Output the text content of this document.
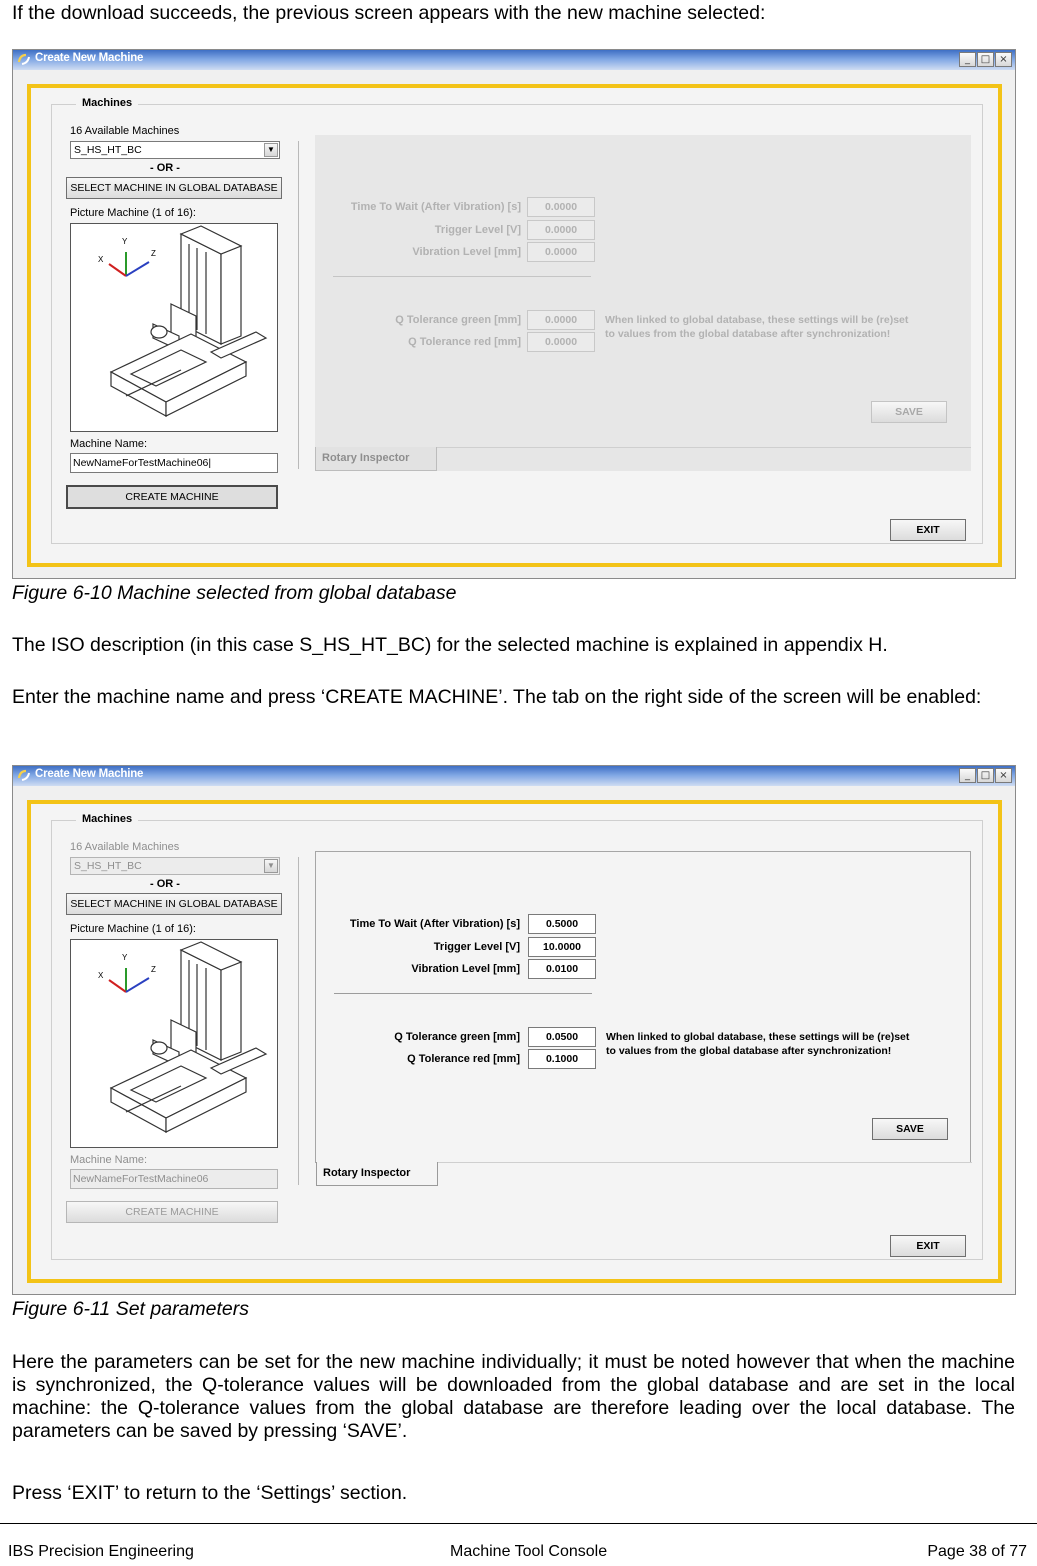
If the download succeeds, the previous screen appears with the new machine selected:
Create New Machine	_	□ ×
Machines
16 Available Machines
S_HS_HT_BC	▼
- OR -
SELECT MACHINE IN GLOBAL DATABASE
Picture Machine (1 of 16):
Y
X
Z
Machine Name:
NewNameForTestMachine06|
CREATE MACHINE
Time To Wait (After Vibration) [s]	0.0000
Trigger Level [V]	0.0000
Vibration Level [mm]	0.0000
Q Tolerance green [mm]	0.0000
Q Tolerance red [mm]	0.0000
When linked to global database, these settings will be (re)set
to values from the global database after synchronization!
SAVE
Rotary Inspector
EXIT
Figure 6-10 Machine selected from global database
The ISO description (in this case S_HS_HT_BC) for the selected machine is explained in appendix H.
Enter the machine name and press ‘CREATE MACHINE’. The tab on the right side of the screen will be enabled:
Create New Machine	_	□ ×
Machines
16 Available Machines
S_HS_HT_BC	▼
- OR -
SELECT MACHINE IN GLOBAL DATABASE
Picture Machine (1 of 16):
Y
X
Z
Machine Name:
NewNameForTestMachine06
CREATE MACHINE
Time To Wait (After Vibration) [s]	0.5000
Trigger Level [V]	10.0000
Vibration Level [mm]	0.0100
Q Tolerance green [mm]	0.0500
Q Tolerance red [mm]	0.1000
When linked to global database, these settings will be (re)set
to values from the global database after synchronization!
SAVE
Rotary Inspector
EXIT
Figure 6-11 Set parameters
Here the parameters can be set for the new machine individually; it must be noted however that when the machine is synchronized, the Q-tolerance values will be downloaded from the global database and are set in the local machine: the Q-tolerance values from the global database are therefore leading over the local database. The parameters can be saved by pressing ‘SAVE’.
Press ‘EXIT’ to return to the ‘Settings’ section.
IBS Precision Engineering	Machine Tool Console	Page 38 of 77
